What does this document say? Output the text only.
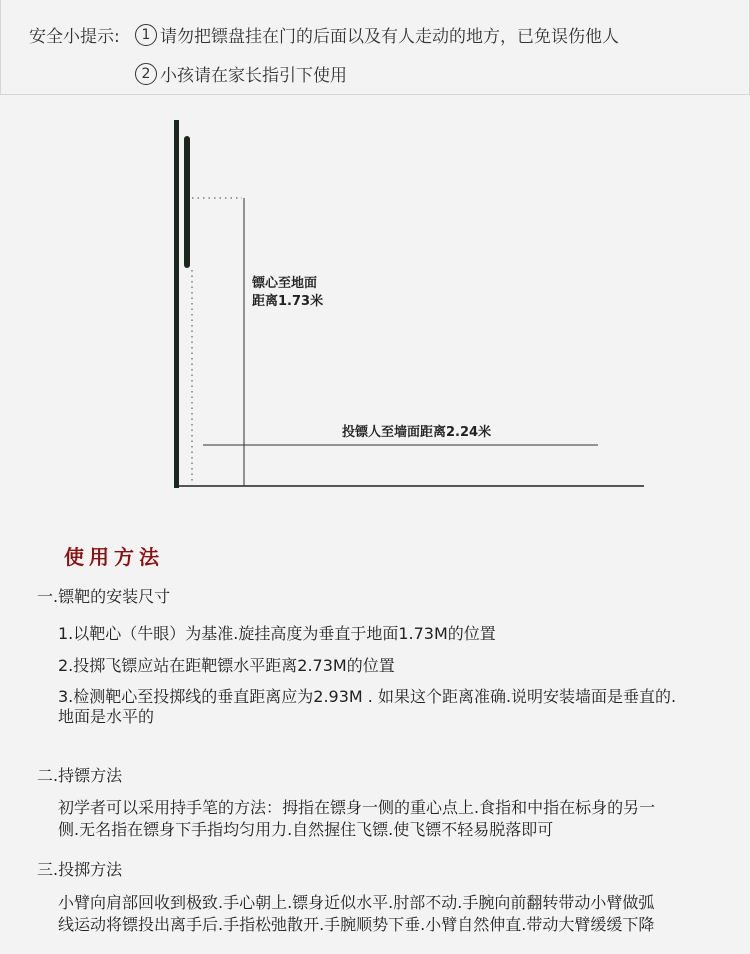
安全小提示:	1 请勿把镖盘挂在门的后面以及有人走动的地方，已免误伤他人
2 小孩请在家长指引下使用
镖心至地面
距离1.73米
投镖人至墙面距离2.24米
使用方法
一.镖靶的安装尺寸
1.以靶心（牛眼）为基准.旋挂高度为垂直于地面1.73M的位置
2.投掷飞镖应站在距靶镖水平距离2.73M的位置
3.检测靶心至投掷线的垂直距离应为2.93M . 如果这个距离准确.说明安装墙面是垂直的.
地面是水平的
二.持镖方法
初学者可以采用持手笔的方法：拇指在镖身一侧的重心点上.食指和中指在标身的另一
侧.无名指在镖身下手指均匀用力.自然握住飞镖.使飞镖不轻易脱落即可
三.投掷方法
小臂向肩部回收到极致.手心朝上.镖身近似水平.肘部不动.手腕向前翻转带动小臂做弧
线运动将镖投出离手后.手指松弛散开.手腕顺势下垂.小臂自然伸直.带动大臂缓缓下降
